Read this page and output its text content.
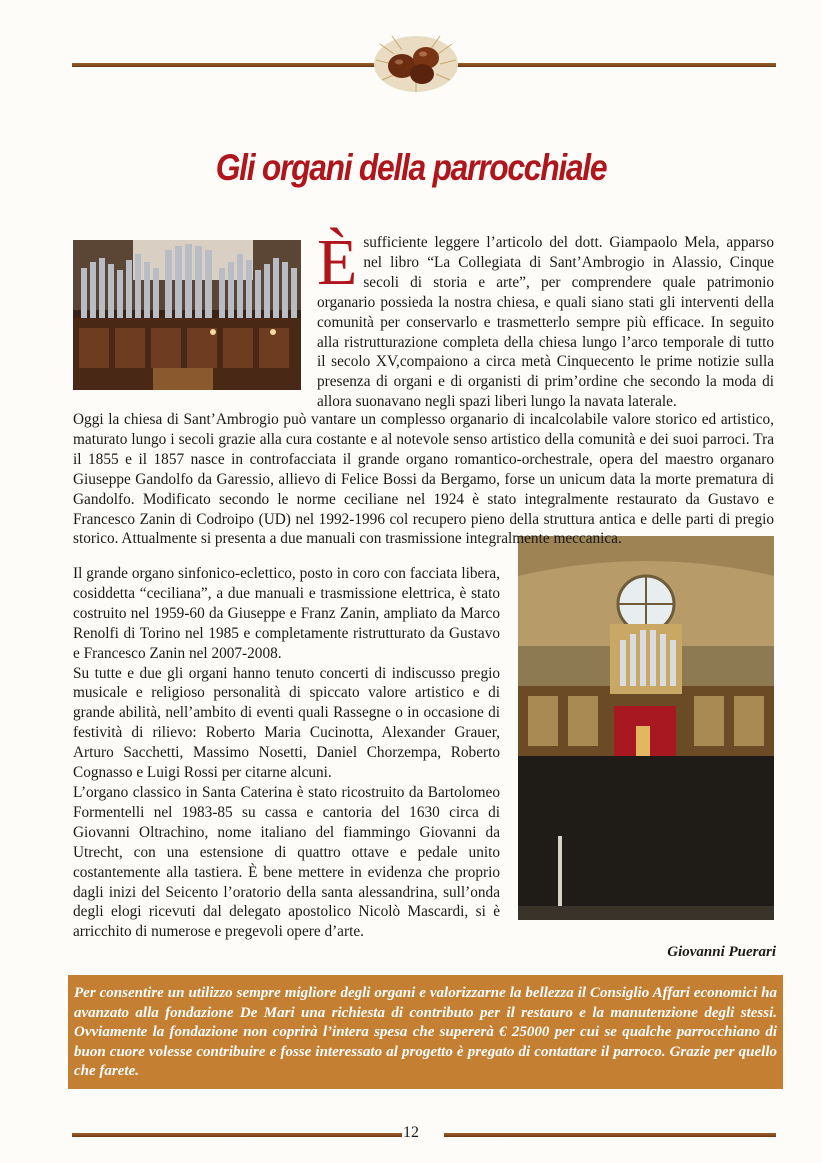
Gli organi della parrocchiale
È sufficiente leggere l’articolo del dott. Giampaolo Mela, apparso nel libro “La Collegiata di Sant’Ambrogio in Alassio, Cinque secoli di storia e arte”, per comprendere quale patrimonio organario possieda la nostra chiesa, e quali siano stati gli interventi della comunità per conservarlo e trasmetterlo sempre più efficace. In seguito alla ristrutturazione completa della chiesa lungo l’arco temporale di tutto il secolo XV,compaiono a circa metà Cinquecento le prime notizie sulla presenza di organi e di organisti di prim’ordine che secondo la moda di allora suonavano negli spazi liberi lungo la navata laterale.

Oggi la chiesa di Sant’Ambrogio può vantare un complesso organario di incalcolabile valore storico ed artistico, maturato lungo i secoli grazie alla cura costante e al notevole senso artistico della comunità e dei suoi parroci. Tra il 1855 e il 1857 nasce in controfacciata il grande organo romantico-orchestrale, opera del maestro organaro Giuseppe Gandolfo da Garessio, allievo di Felice Bossi da Bergamo, forse un unicum data la morte prematura di Gandolfo. Modificato secondo le norme ceciliane nel 1924 è stato integralmente restaurato da Gustavo e Francesco Zanin di Codroipo (UD) nel 1992-1996 col recupero pieno della struttura antica e delle parti di pregio storico. Attualmente si presenta a due manuali con trasmissione integralmente meccanica.

Il grande organo sinfonico-eclettico, posto in coro con facciata libera, cosiddetta “ceciliana”, a due manuali e trasmissione elettrica, è stato costruito nel 1959-60 da Giuseppe e Franz Zanin, ampliato da Marco Renolfi di Torino nel 1985 e completamente ristrutturato da Gustavo e Francesco Zanin nel 2007-2008.

Su tutte e due gli organi hanno tenuto concerti di indiscusso pregio musicale e religioso personalità di spiccato valore artistico e di grande abilità, nell’ambito di eventi quali Rassegne o in occasione di festività di rilievo: Roberto Maria Cucinotta, Alexander Grauer, Arturo Sacchetti, Massimo Nosetti, Daniel Chorzempa, Roberto Cognasso e Luigi Rossi per citarne alcuni.

L’organo classico in Santa Caterina è stato ricostruito da Bartolomeo Formentelli nel 1983-85 su cassa e cantoria del 1630 circa di Giovanni Oltrachino, nome italiano del fiammingo Giovanni da Utrecht, con una estensione di quattro ottave e pedale unito costantemente alla tastiera. È bene mettere in evidenza che proprio dagli inizi del Seicento l’oratorio della santa alessandrina, sull’onda degli elogi ricevuti dal delegato apostolico Nicolò Mascardi, si è arricchito di numerose e pregevoli opere d’arte.

Giovanni Puerari
Per consentire un utilizzo sempre migliore degli organi e valorizzarne la bellezza il Consiglio Affari economici ha avanzato alla fondazione De Mari una richiesta di contributo per il restauro e la manutenzione degli stessi. Ovviamente la fondazione non coprirà l’intera spesa che supererà € 25000 per cui se qualche parrocchiano di buon cuore volesse contribuire e fosse interessato al progetto è pregato di contattare il parroco. Grazie per quello che farete.
12
